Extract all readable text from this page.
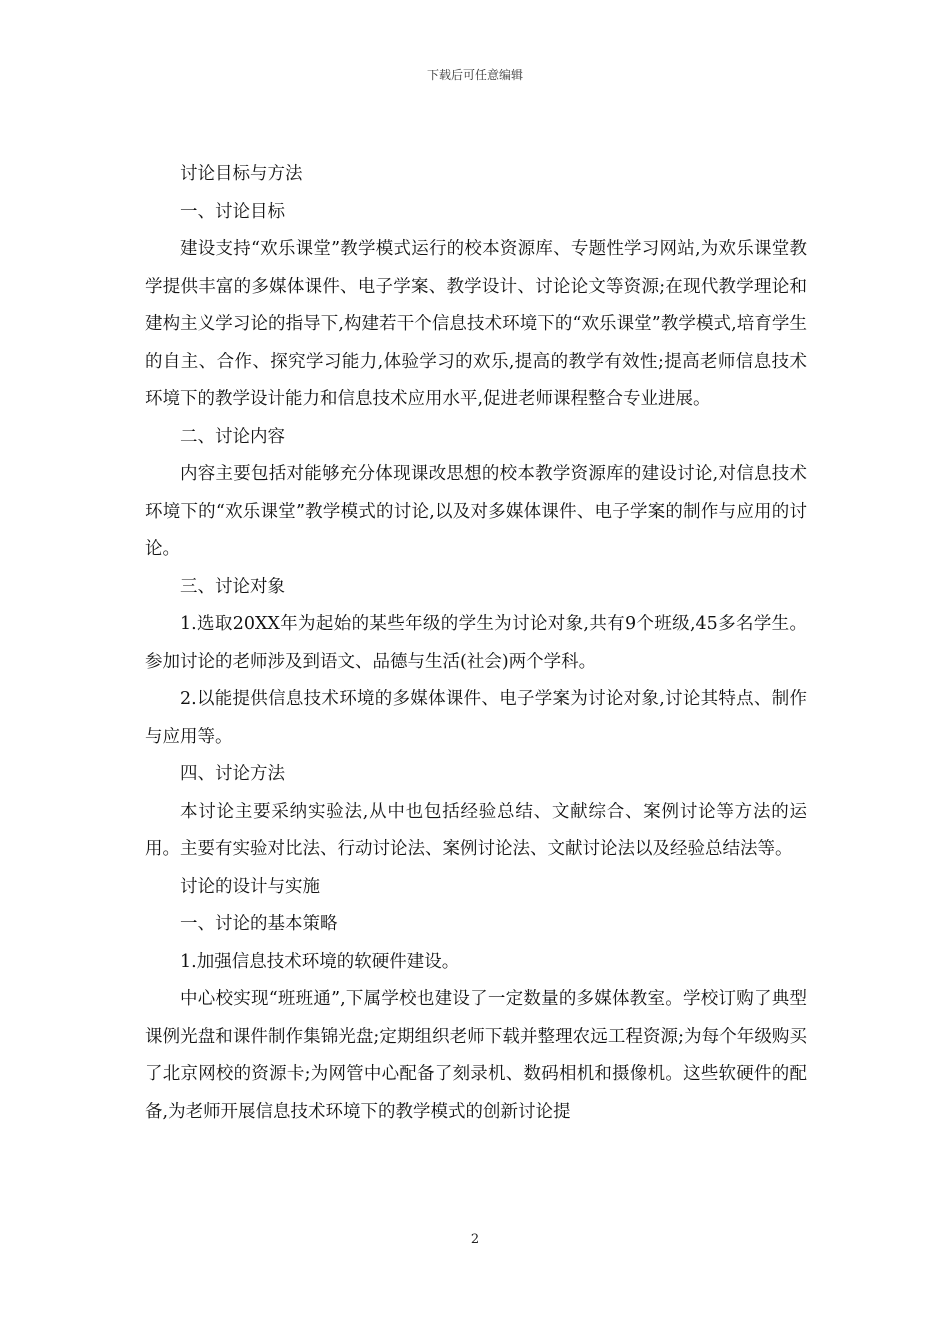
下载后可任意编辑

讨论目标与方法

一、讨论目标

建设支持“欢乐课堂”教学模式运行的校本资源库、专题性学习网站,为欢乐课堂教学提供丰富的多媒体课件、电子学案、教学设计、讨论论文等资源;在现代教学理论和建构主义学习论的指导下,构建若干个信息技术环境下的“欢乐课堂”教学模式,培育学生的自主、合作、探究学习能力,体验学习的欢乐,提高的教学有效性;提高老师信息技术环境下的教学设计能力和信息技术应用水平,促进老师课程整合专业进展。

二、讨论内容

内容主要包括对能够充分体现课改思想的校本教学资源库的建设讨论,对信息技术环境下的“欢乐课堂”教学模式的讨论,以及对多媒体课件、电子学案的制作与应用的讨论。

三、讨论对象

1.选取20XX年为起始的某些年级的学生为讨论对象,共有9个班级,45多名学生。参加讨论的老师涉及到语文、品德与生活(社会)两个学科。

2.以能提供信息技术环境的多媒体课件、电子学案为讨论对象,讨论其特点、制作与应用等。

四、讨论方法

本讨论主要采纳实验法,从中也包括经验总结、文献综合、案例讨论等方法的运用。主要有实验对比法、行动讨论法、案例讨论法、文献讨论法以及经验总结法等。

讨论的设计与实施

一、讨论的基本策略

1.加强信息技术环境的软硬件建设。

中心校实现“班班通”,下属学校也建设了一定数量的多媒体教室。学校订购了典型课例光盘和课件制作集锦光盘;定期组织老师下载并整理农远工程资源;为每个年级购买了北京网校的资源卡;为网管中心配备了刻录机、数码相机和摄像机。这些软硬件的配备,为老师开展信息技术环境下的教学模式的创新讨论提

2
